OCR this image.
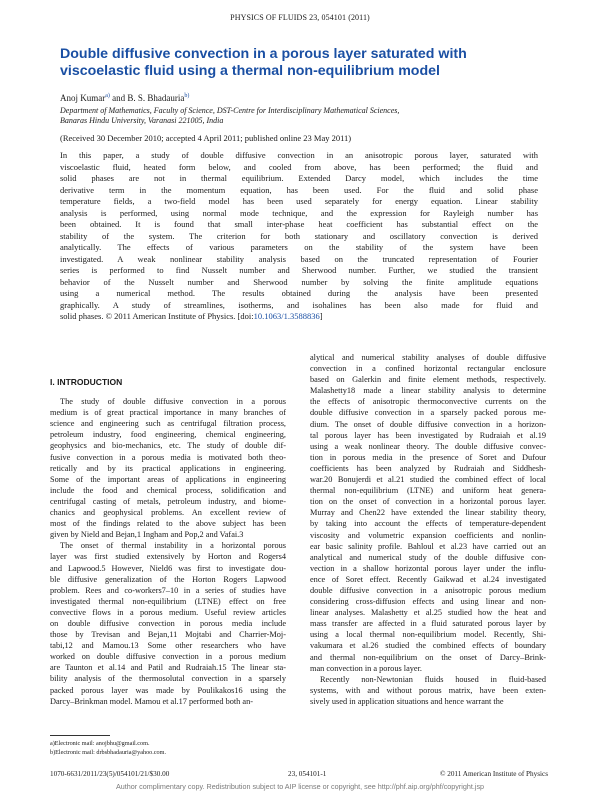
PHYSICS OF FLUIDS 23, 054101 (2011)
Double diffusive convection in a porous layer saturated with
viscoelastic fluid using a thermal non-equilibrium model
Anoj Kumar$^{a)}$ and B. S. Bhadauria$^{b)}$
Department of Mathematics, Faculty of Science, DST-Centre for Interdisciplinary Mathematical Sciences,
Banaras Hindu University, Varanasi 221005, India
(Received 30 December 2010; accepted 4 April 2011; published online 23 May 2011)
In this paper, a study of double diffusive convection in an anisotropic porous layer, saturated with
viscoelastic fluid, heated form below, and cooled from above, has been performed; the fluid and
solid phases are not in thermal equilibrium. Extended Darcy model, which includes the time
derivative term in the momentum equation, has been used. For the fluid and solid phase
temperature fields, a two-field model has been used separately for energy equation. Linear stability
analysis is performed, using normal mode technique, and the expression for Rayleigh number has
been obtained. It is found that small inter-phase heat coefficient has substantial effect on the
stability of the system. The criterion for both stationary and oscillatory convection is derived
analytically. The effects of various parameters on the stability of the system have been
investigated. A weak nonlinear stability analysis based on the truncated representation of Fourier
series is performed to find Nusselt number and Sherwood number. Further, we studied the transient
behavior of the Nusselt number and Sherwood number by solving the finite amplitude equations
using a numerical method. The results obtained during the analysis have been presented
graphically. A study of streamlines, isotherms, and isohalines has been also made for fluid and
solid phases. © 2011 American Institute of Physics. [doi:10.1063/1.3588836]
I. INTRODUCTION
The study of double diffusive convection in a porous
medium is of great practical importance in many branches of
science and engineering such as centrifugal filtration process,
petroleum industry, food engineering, chemical engineering,
geophysics and bio-mechanics, etc. The study of double dif-
fusive convection in a porous media is motivated both theo-
retically and by its practical applications in engineering.
Some of the important areas of applications in engineering
include the food and chemical process, solidification and
centrifugal casting of metals, petroleum industry, and biome-
chanics and geophysical problems. An excellent review of
most of the findings related to the above subject has been
given by Nield and Bejan,1 Ingham and Pop,2 and Vafai.3
The onset of thermal instability in a horizontal porous
layer was first studied extensively by Horton and Rogers4
and Lapwood.5 However, Nield6 was first to investigate dou-
ble diffusive generalization of the Horton Rogers Lapwood
problem. Rees and co-workers7–10 in a series of studies have
investigated thermal non-equilibrium (LTNE) effect on free
convective flows in a porous medium. Useful review articles
on double diffusive convection in porous media include
those by Trevisan and Bejan,11 Mojtabi and Charrier-Moj-
tabi,12 and Mamou.13 Some other researchers who have
worked on double diffusive convection in a porous medium
are Taunton et al.14 and Patil and Rudraiah.15 The linear sta-
bility analysis of the thermosolutal convection in a sparsely
packed porous layer was made by Poulikakos16 using the
Darcy–Brinkman model. Mamou et al.17 performed both an-
alytical and numerical stability analyses of double diffusive
convection in a confined horizontal rectangular enclosure
based on Galerkin and finite element methods, respectively.
Malashetty18 made a linear stability analysis to determine
the effects of anisotropic thermoconvective currents on the
double diffusive convection in a sparsely packed porous me-
dium. The onset of double diffusive convection in a horizon-
tal porous layer has been investigated by Rudraiah et al.19
using a weak nonlinear theory. The double diffusive convec-
tion in porous media in the presence of Soret and Dufour
coefficients has been analyzed by Rudraiah and Siddhesh-
war.20 Bonujerdi et al.21 studied the combined effect of local
thermal non-equilibrium (LTNE) and uniform heat genera-
tion on the onset of convection in a horizontal porous layer.
Murray and Chen22 have extended the linear stability theory,
by taking into account the effects of temperature-dependent
viscosity and volumetric expansion coefficients and nonlin-
ear basic salinity profile. Bahloul et al.23 have carried out an
analytical and numerical study of the double diffusive con-
vection in a shallow horizontal porous layer under the influ-
ence of Soret effect. Recently Gaikwad et al.24 investigated
double diffusive convection in a anisotropic porous medium
considering cross-diffusion effects and using linear and non-
linear analyses. Malashetty et al.25 studied how the heat and
mass transfer are affected in a fluid saturated porous layer by
using a local thermal non-equilibrium model. Recently, Shi-
vakumara et al.26 studied the combined effects of boundary
and thermal non-equilibrium on the onset of Darcy–Brink-
man convection in a porous layer.
Recently non-Newtonian fluids housed in fluid-based
systems, with and without porous matrix, have been exten-
sively used in application situations and hence warrant the
a)Electronic mail: anojbhu@gmail.com.
b)Electronic mail: drbsbhadauria@yahoo.com.
1070-6631/2011/23(5)/054101/21/$30.00	23, 054101-1	© 2011 American Institute of Physics
Author complimentary copy. Redistribution subject to AIP license or copyright, see http://phf.aip.org/phf/copyright.jsp
